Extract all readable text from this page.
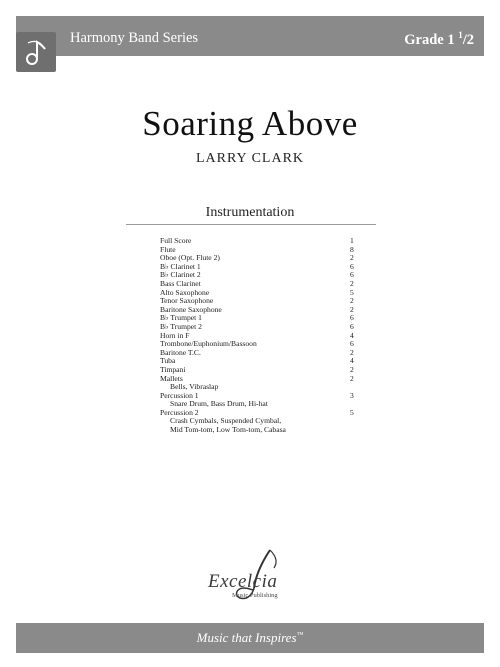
Harmony Band Series	Grade 1 $^1$/2
Soaring Above
LARRY CLARK
Instrumentation
Full Score	1
Flute	8
Oboe (Opt. Flute 2)	2
B♭ Clarinet 1	6
B♭ Clarinet 2	6
Bass Clarinet	2
Alto Saxophone	5
Tenor Saxophone	2
Baritone Saxophone	2
B♭ Trumpet 1	6
B♭ Trumpet 2	6
Horn in F	4
Trombone/Euphonium/Bassoon	6
Baritone T.C.	2
Tuba	4
Timpani	2
Mallets	2
Bells, Vibraslap
Percussion 1	3
Snare Drum, Bass Drum, Hi-hat
Percussion 2	5
Crash Cymbals, Suspended Cymbal,
Mid Tom-tom, Low Tom-tom, Cabasa
Excelcia
Music Publishing
Music that Inspires™
